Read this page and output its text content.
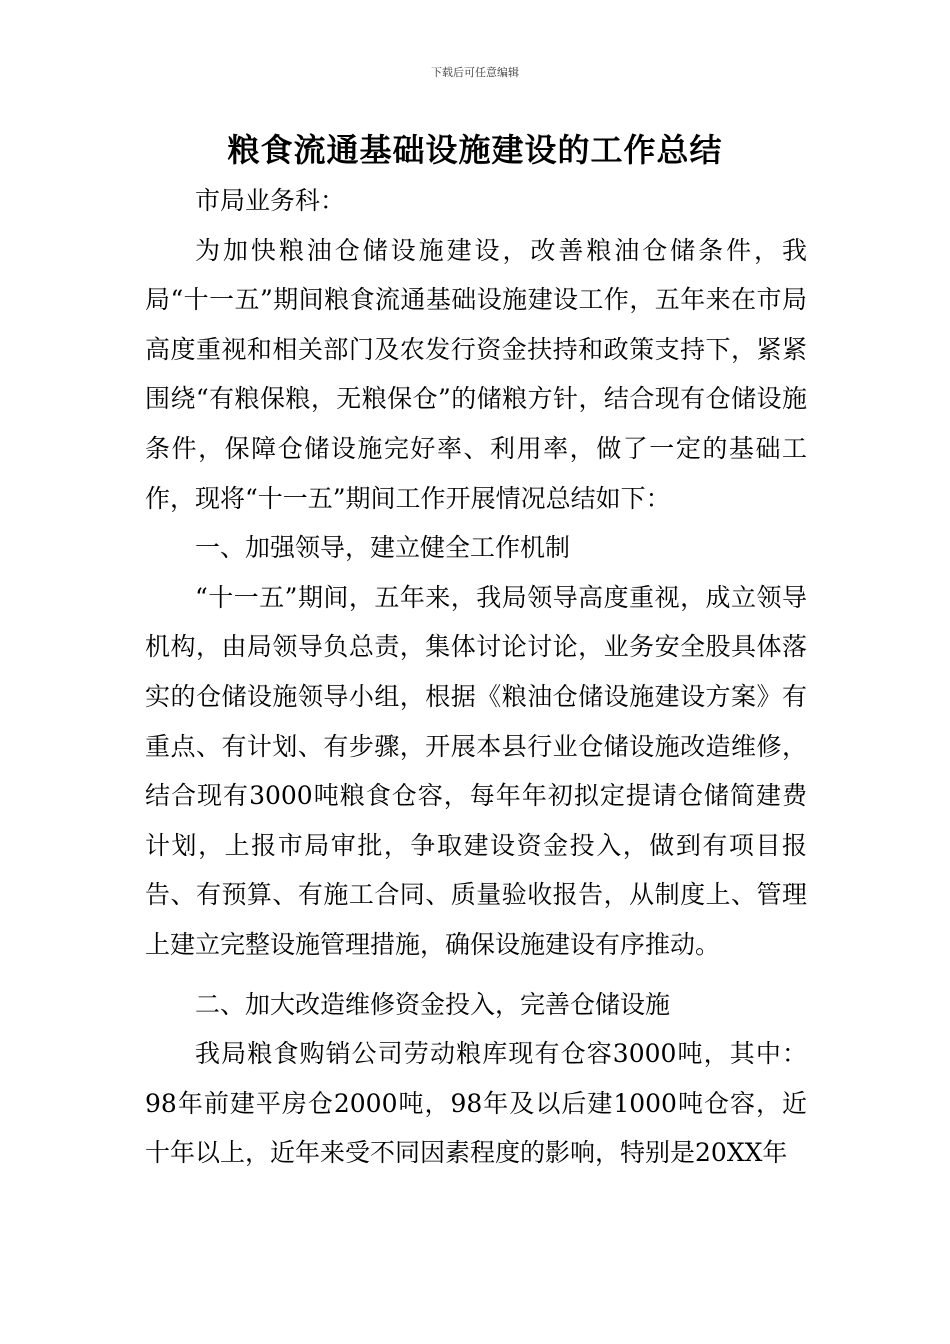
下载后可任意编辑
粮食流通基础设施建设的工作总结

市局业务科：

为加快粮油仓储设施建设，改善粮油仓储条件，我局“十一五”期间粮食流通基础设施建设工作，五年来在市局高度重视和相关部门及农发行资金扶持和政策支持下，紧紧围绕“有粮保粮，无粮保仓”的储粮方针，结合现有仓储设施条件，保障仓储设施完好率、利用率，做了一定的基础工作，现将“十一五”期间工作开展情况总结如下：

一、加强领导，建立健全工作机制

“十一五”期间，五年来，我局领导高度重视，成立领导机构，由局领导负总责，集体讨论讨论，业务安全股具体落实的仓储设施领导小组，根据《粮油仓储设施建设方案》有重点、有计划、有步骤，开展本县行业仓储设施改造维修，结合现有3000吨粮食仓容，每年年初拟定提请仓储简建费计划，上报市局审批，争取建设资金投入，做到有项目报告、有预算、有施工合同、质量验收报告，从制度上、管理上建立完整设施管理措施，确保设施建设有序推动。

二、加大改造维修资金投入，完善仓储设施

我局粮食购销公司劳动粮库现有仓容3000吨，其中：98年前建平房仓2000吨，98年及以后建1000吨仓容，近十年以上，近年来受不同因素程度的影响，特别是20XX年
